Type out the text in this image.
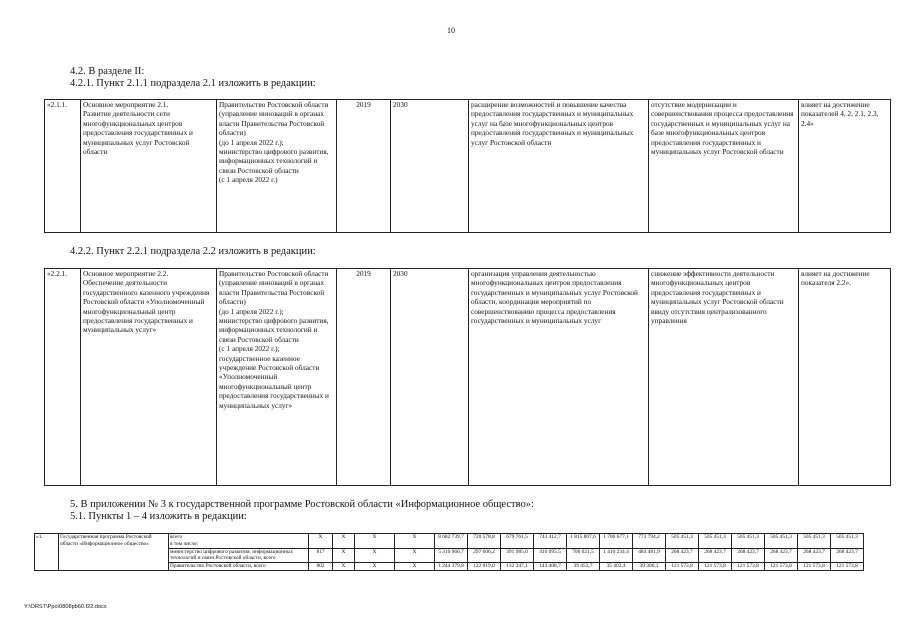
10
4.2. В разделе II:
4.2.1. Пункт 2.1.1 подраздела 2.1 изложить в редакции:
«2.1.1.	Основное мероприятие 2.1.
Развитие деятельности сети многофункциональных центров предоставления государственных и муниципальных услуг Ростовской области	Правительство Ростовской области (управление инноваций в органах власти Правительства Ростовской области)
(до 1 апреля 2022 г.);
министерство цифрового развития, информационных технологий и связи Ростовской области
(с 1 апреля 2022 г.)	2019	2030	расширение возможностей и повышение качества предоставления государственных и муниципальных услуг на базе многофункциональных центров предоставления государственных и муниципальных услуг Ростовской области	отсутствие модернизации и совершенствования процесса предоставления государственных и муниципальных услуг на базе многофункциональных центров предоставления государственных и муниципальных услуг Ростовской области	влияет на достижение показателей 4, 2, 2.1, 2.3, 2.4»
4.2.2. Пункт 2.2.1 подраздела 2.2 изложить в редакции:
«2.2.1.	Основное мероприятие 2.2.
Обеспечение деятельности государственного казенного учреждения Ростовской области «Уполномоченный многофункциональный центр предоставления государственных и муниципальных услуг»	Правительство Ростовской области (управление инноваций в органах власти Правительства Ростовской области)
(до 1 апреля 2022 г.);
министерство цифрового развития, информационных технологий и связи Ростовской области
(с 1 апреля 2022 г.);
государственное казенное учреждение Ростовской области «Уполномоченный многофункциональный центр предоставления государственных и муниципальных услуг»	2019	2030	организация управления деятельностью многофункциональных центров предоставления государственных и муниципальных услуг Ростовской области, координация мероприятий по совершенствованию процесса предоставления государственных и муниципальных услуг	снижение эффективности деятельности многофункциональных центров предоставления государственных и муниципальных услуг Ростовской области ввиду отсутствия централизованного управления	влияет на достижение показателя 2.2».
5. В приложении № 3 к государственной программе Ростовской области «Информационное общество»:
5.1. Пункты 1 – 4 изложить в редакции:
«1.	Государственная программа Ростовской области «Информационное общество»	всего
в том числе:	X	X	X	X	8 682 739,7	720 578,8	679 761,5	743 412,7	1 815 807,6	1 706 677,1	773 794,2	505 451,3	505 451,3	505 451,3	505 451,3	505 451,3	505 451,3
		министерство цифрового развития, информационных технологий и связи Ростовской области, всего	817	X	X	X	5 310 966,7	297 606,2	391 985,0	410 095,5	706 021,5	1 410 234,4	484 481,9	268 423,7	268 423,7	268 423,7	268 423,7	268 423,7	268 423,7
		Правительство Ростовской области, всего	802	X	X	X	1 244 379,8	122 019,0	132 347,1	143 408,7	39 453,7	35 402,4	39 306,1	121 573,8	121 573,8	121 573,8	121 573,8	121 573,8	121 573,8
Y:\ORST\Ppo\0808pb60.f22.docx
